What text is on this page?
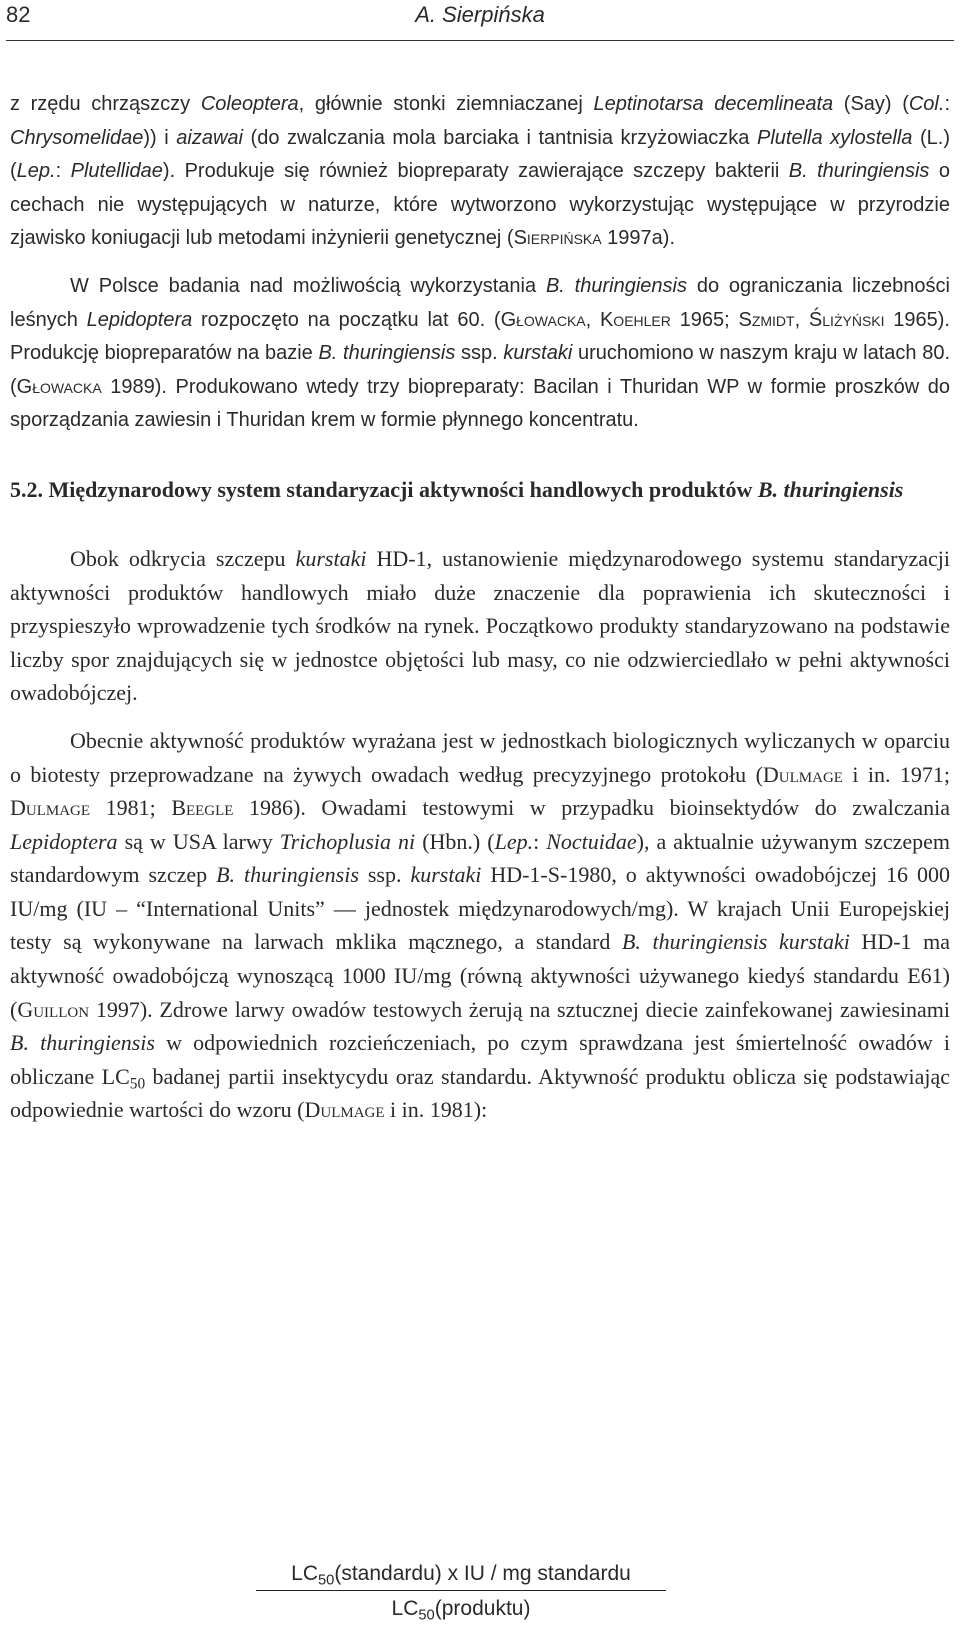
82	A. Sierpińska

z rzędu chrząszczy Coleoptera, głównie stonki ziemniaczanej Leptinotarsa decemlineata (Say) (Col.: Chrysomelidae)) i aizawai (do zwalczania mola barciaka i tantnisia krzyżowiaczka Plutella xylostella (L.) (Lep.: Plutellidae). Produkuje się również biopreparaty zawierające szczepy bakterii B. thuringiensis o cechach nie występujących w naturze, które wytworzono wykorzystując występujące w przyrodzie zjawisko koniugacji lub metodami inżynierii genetycznej (Sierpińska 1997a).

W Polsce badania nad możliwością wykorzystania B. thuringiensis do ograniczania liczebności leśnych Lepidoptera rozpoczęto na początku lat 60. (Głowacka, Koehler 1965; Szmidt, Śliżyński 1965). Produkcję biopreparatów na bazie B. thuringiensis ssp. kurstaki uruchomiono w naszym kraju w latach 80. (Głowacka 1989). Produkowano wtedy trzy biopreparaty: Bacilan i Thuridan WP w formie proszków do sporządzania zawiesin i Thuridan krem w formie płynnego koncentratu.

5.2. Międzynarodowy system standaryzacji aktywności handlowych produktów B. thuringiensis

Obok odkrycia szczepu kurstaki HD-1, ustanowienie międzynarodowego systemu standaryzacji aktywności produktów handlowych miało duże znaczenie dla poprawienia ich skuteczności i przyspieszyło wprowadzenie tych środków na rynek. Początkowo produkty standaryzowano na podstawie liczby spor znajdujących się w jednostce objętości lub masy, co nie odzwierciedlało w pełni aktywności owadobójczej.

Obecnie aktywność produktów wyrażana jest w jednostkach biologicznych wyliczanych w oparciu o biotesty przeprowadzane na żywych owadach według precyzyjnego protokołu (Dulmage i in. 1971; Dulmage 1981; Beegle 1986). Owadami testowymi w przypadku bioinsektydów do zwalczania Lepidoptera są w USA larwy Trichoplusia ni (Hbn.) (Lep.: Noctuidae), a aktualnie używanym szczepem standardowym szczep B. thuringiensis ssp. kurstaki HD-1-S-1980, o aktywności owadobójczej 16 000 IU/mg (IU – “International Units” — jednostek międzynarodowych/mg). W krajach Unii Europejskiej testy są wykonywane na larwach mklika mącznego, a standard B. thuringiensis kurstaki HD-1 ma aktywność owadobójczą wynoszącą 1000 IU/mg (równą aktywności używanego kiedyś standardu E61) (Guillon 1997). Zdrowe larwy owadów testowych żerują na sztucznej diecie zainfekowanej zawiesinami B. thuringiensis w odpowiednich rozcieńczeniach, po czym sprawdzana jest śmiertelność owadów i obliczane $LC_{50}$ badanej partii insektycydu oraz standardu. Aktywność produktu oblicza się podstawiając odpowiednie wartości do wzoru (Dulmage i in. 1981):

$LC_{50}(standardu)$ x IU / mg standardu
$LC_{50}(produktu)$
